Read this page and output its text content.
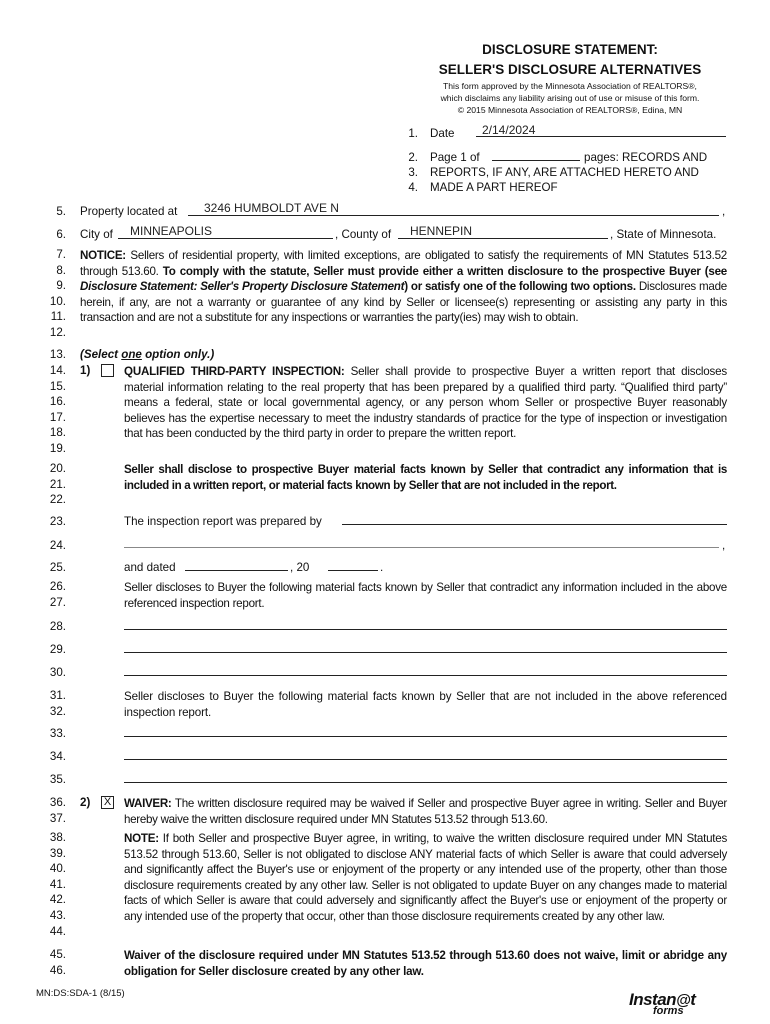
DISCLOSURE STATEMENT:
SELLER'S DISCLOSURE ALTERNATIVES
This form approved by the Minnesota Association of REALTORS®,
which disclaims any liability arising out of use or misuse of this form.
© 2015 Minnesota Association of REALTORS®, Edina, MN
1. Date 2/14/2024
2. Page 1 of	pages: RECORDS AND
3. REPORTS, IF ANY, ARE ATTACHED HERETO AND
4. MADE A PART HEREOF
5. Property located at 3246 HUMBOLDT AVE N	,
6. City of MINNEAPOLIS	, County of HENNEPIN	, State of Minnesota.
7.
8.
9.
10.
11.
12.
NOTICE: Sellers of residential property, with limited exceptions, are obligated to satisfy the requirements of MN Statutes 513.52 through 513.60. To comply with the statute, Seller must provide either a written disclosure to the prospective Buyer (see Disclosure Statement: Seller's Property Disclosure Statement) or satisfy one of the following two options. Disclosures made herein, if any, are not a warranty or guarantee of any kind by Seller or licensee(s) representing or assisting any party in this transaction and are not a substitute for any inspections or warranties the party(ies) may wish to obtain.
13. (Select one option only.)
14.
15.
16.
17.
18.
19.
1)	QUALIFIED THIRD-PARTY INSPECTION: Seller shall provide to prospective Buyer a written report that discloses material information relating to the real property that has been prepared by a qualified third party. “Qualified third party” means a federal, state or local governmental agency, or any person whom Seller or prospective Buyer reasonably believes has the expertise necessary to meet the industry standards of practice for the type of inspection or investigation that has been conducted by the third party in order to prepare the written report.
20.
21.
22.
Seller shall disclose to prospective Buyer material facts known by Seller that contradict any information that is included in a written report, or material facts known by Seller that are not included in the report.
23.	The inspection report was prepared by
24.	,
25.	and dated	, 20	.
26.
27.
Seller discloses to Buyer the following material facts known by Seller that contradict any information included in the above referenced inspection report.
28.
29.
30.
31.
32.
Seller discloses to Buyer the following material facts known by Seller that are not included in the above referenced inspection report.
33.
34.
35.
36.
37.
2) X WAIVER: The written disclosure required may be waived if Seller and prospective Buyer agree in writing. Seller and Buyer hereby waive the written disclosure required under MN Statutes 513.52 through 513.60.
38.
39.
40.
41.
42.
43.
44.
NOTE: If both Seller and prospective Buyer agree, in writing, to waive the written disclosure required under MN Statutes 513.52 through 513.60, Seller is not obligated to disclose ANY material facts of which Seller is aware that could adversely and significantly affect the Buyer's use or enjoyment of the property or any intended use of the property, other than those disclosure requirements created by any other law. Seller is not obligated to update Buyer on any changes made to material facts of which Seller is aware that could adversely and significantly affect the Buyer's use or enjoyment of the property or any intended use of the property that occur, other than those disclosure requirements created by any other law.
45.
46.
Waiver of the disclosure required under MN Statutes 513.52 through 513.60 does not waive, limit or abridge any obligation for Seller disclosure created by any other law.
MN:DS:SDA-1 (8/15)	Instan@t
forms
